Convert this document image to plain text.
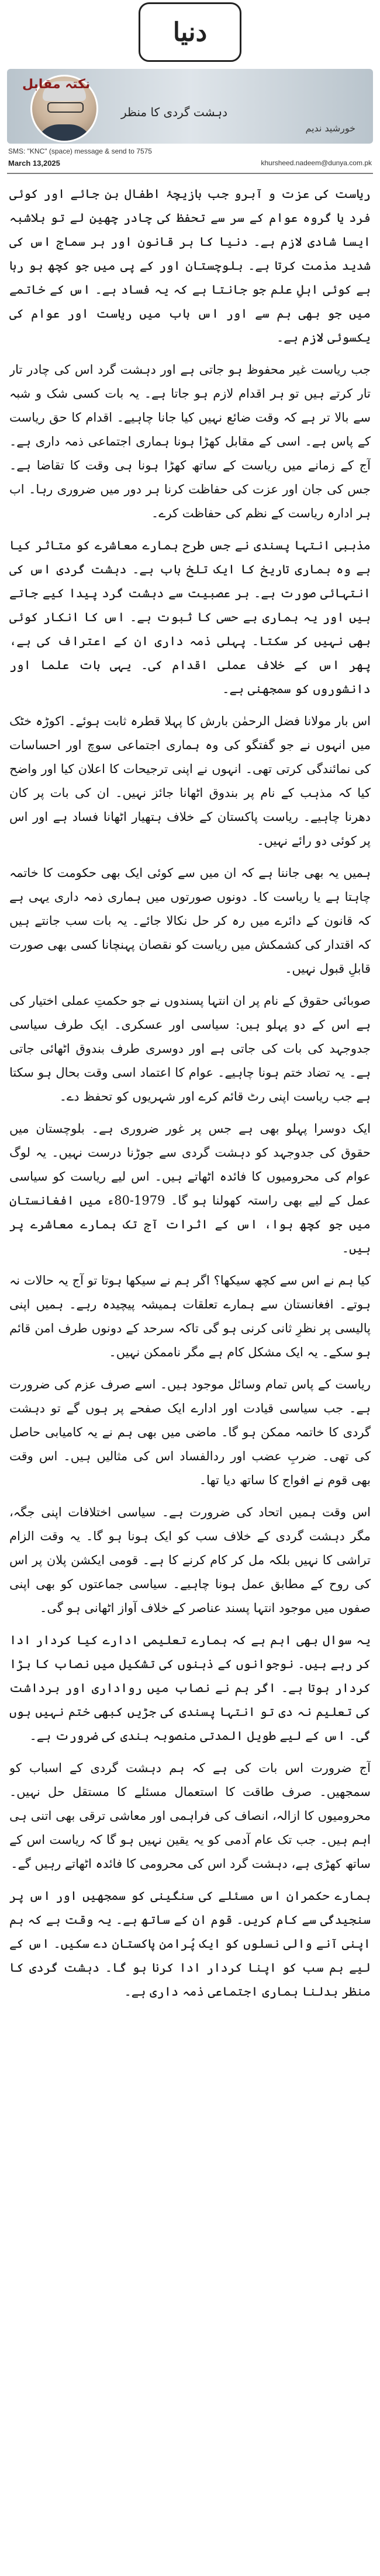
دنیا
نکتہ مقابل
دہشت گردی کا منظر
خورشید ندیم
SMS: "KNC" (space) message & send to 7575
March 13,2025	khursheed.nadeem@dunya.com.pk

ریاست کی عزت و آبرو جب بازیچۂ اطفال بن جائے اور کوئی فرد یا گروہ عوام کے سر سے تحفظ کی چادر چھین لے تو بلاشبہ ایسا شادی لازم ہے۔ دنیا کا ہر قانون اور ہر سماج اس کی شدید مذمت کرتا ہے۔ بلوچستان اور کے پی میں جو کچھ ہو رہا ہے کوئی اہلِ علم جو جانتا ہے کہ یہ فساد ہے۔ اس کے خاتمے میں جو بھی ہم سے اور اس باب میں ریاست اور عوام کی یکسوئی لازم ہے۔

جب ریاست غیر محفوظ ہو جاتی ہے اور دہشت گرد اس کی چادر تار تار کرتے ہیں تو ہر اقدام لازم ہو جاتا ہے۔ یہ بات کسی شک و شبہ سے بالا تر ہے کہ وقت ضائع نہیں کیا جانا چاہیے۔ اقدام کا حق ریاست کے پاس ہے۔ اسی کے مقابل کھڑا ہونا ہماری اجتماعی ذمہ داری ہے۔ آج کے زمانے میں ریاست کے ساتھ کھڑا ہونا ہی وقت کا تقاضا ہے۔ جس کی جان اور عزت کی حفاظت کرنا ہر دور میں ضروری رہا۔ اب ہر ادارہ ریاست کے نظم کی حفاظت کرے۔

مذہبی انتہا پسندی نے جس طرح ہمارے معاشرے کو متاثر کیا ہے وہ ہماری تاریخ کا ایک تلخ باب ہے۔ دہشت گردی اس کی انتہائی صورت ہے۔ ہر عصبیت سے دہشت گرد پیدا کیے جاتے ہیں اور یہ ہماری بے حسی کا ثبوت ہے۔ اس کا انکار کوئی بھی نہیں کر سکتا۔ پہلی ذمہ داری ان کے اعتراف کی ہے، پھر اس کے خلاف عملی اقدام کی۔ یہی بات علما اور دانشوروں کو سمجھنی ہے۔

اس بار مولانا فضل الرحمٰن بارش کا پہلا قطرہ ثابت ہوئے۔ اکوڑہ خٹک میں انہوں نے جو گفتگو کی وہ ہماری اجتماعی سوچ اور احساسات کی نمائندگی کرتی تھی۔ انہوں نے اپنی ترجیحات کا اعلان کیا اور واضح کیا کہ مذہب کے نام پر بندوق اٹھانا جائز نہیں۔ ان کی بات پر کان دھرنا چاہیے۔ ریاست پاکستان کے خلاف ہتھیار اٹھانا فساد ہے اور اس پر کوئی دو رائے نہیں۔

ہمیں یہ بھی جاننا ہے کہ ان میں سے کوئی ایک بھی حکومت کا خاتمہ چاہتا ہے یا ریاست کا۔ دونوں صورتوں میں ہماری ذمہ داری یہی ہے کہ قانون کے دائرے میں رہ کر حل نکالا جائے۔ یہ بات سب جانتے ہیں کہ اقتدار کی کشمکش میں ریاست کو نقصان پہنچانا کسی بھی صورت قابلِ قبول نہیں۔

صوبائی حقوق کے نام پر ان انتہا پسندوں نے جو حکمتِ عملی اختیار کی ہے اس کے دو پہلو ہیں: سیاسی اور عسکری۔ ایک طرف سیاسی جدوجہد کی بات کی جاتی ہے اور دوسری طرف بندوق اٹھائی جاتی ہے۔ یہ تضاد ختم ہونا چاہیے۔ عوام کا اعتماد اسی وقت بحال ہو سکتا ہے جب ریاست اپنی رٹ قائم کرے اور شہریوں کو تحفظ دے۔

ایک دوسرا پہلو بھی ہے جس پر غور ضروری ہے۔ بلوچستان میں حقوق کی جدوجہد کو دہشت گردی سے جوڑنا درست نہیں۔ یہ لوگ عوام کی محرومیوں کا فائدہ اٹھاتے ہیں۔ اس لیے ریاست کو سیاسی عمل کے لیے بھی راستہ کھولنا ہو گا۔ 1979-80ء میں افغانستان میں جو کچھ ہوا، اس کے اثرات آج تک ہمارے معاشرے پر ہیں۔

کیا ہم نے اس سے کچھ سیکھا؟ اگر ہم نے سیکھا ہوتا تو آج یہ حالات نہ ہوتے۔ افغانستان سے ہمارے تعلقات ہمیشہ پیچیدہ رہے۔ ہمیں اپنی پالیسی پر نظرِ ثانی کرنی ہو گی تاکہ سرحد کے دونوں طرف امن قائم ہو سکے۔ یہ ایک مشکل کام ہے مگر ناممکن نہیں۔

ریاست کے پاس تمام وسائل موجود ہیں۔ اسے صرف عزم کی ضرورت ہے۔ جب سیاسی قیادت اور ادارے ایک صفحے پر ہوں گے تو دہشت گردی کا خاتمہ ممکن ہو گا۔ ماضی میں بھی ہم نے یہ کامیابی حاصل کی تھی۔ ضربِ عضب اور ردالفساد اس کی مثالیں ہیں۔ اس وقت بھی قوم نے افواج کا ساتھ دیا تھا۔

اس وقت ہمیں اتحاد کی ضرورت ہے۔ سیاسی اختلافات اپنی جگہ، مگر دہشت گردی کے خلاف سب کو ایک ہونا ہو گا۔ یہ وقت الزام تراشی کا نہیں بلکہ مل کر کام کرنے کا ہے۔ قومی ایکشن پلان پر اس کی روح کے مطابق عمل ہونا چاہیے۔ سیاسی جماعتوں کو بھی اپنی صفوں میں موجود انتہا پسند عناصر کے خلاف آواز اٹھانی ہو گی۔

یہ سوال بھی اہم ہے کہ ہمارے تعلیمی ادارے کیا کردار ادا کر رہے ہیں۔ نوجوانوں کے ذہنوں کی تشکیل میں نصاب کا بڑا کردار ہوتا ہے۔ اگر ہم نے نصاب میں رواداری اور برداشت کی تعلیم نہ دی تو انتہا پسندی کی جڑیں کبھی ختم نہیں ہوں گی۔ اس کے لیے طویل المدتی منصوبہ بندی کی ضرورت ہے۔

آج ضرورت اس بات کی ہے کہ ہم دہشت گردی کے اسباب کو سمجھیں۔ صرف طاقت کا استعمال مسئلے کا مستقل حل نہیں۔ محرومیوں کا ازالہ، انصاف کی فراہمی اور معاشی ترقی بھی اتنی ہی اہم ہیں۔ جب تک عام آدمی کو یہ یقین نہیں ہو گا کہ ریاست اس کے ساتھ کھڑی ہے، دہشت گرد اس کی محرومی کا فائدہ اٹھاتے رہیں گے۔

ہمارے حکمران اس مسئلے کی سنگینی کو سمجھیں اور اس پر سنجیدگی سے کام کریں۔ قوم ان کے ساتھ ہے۔ یہ وقت ہے کہ ہم اپنی آنے والی نسلوں کو ایک پُرامن پاکستان دے سکیں۔ اس کے لیے ہم سب کو اپنا کردار ادا کرنا ہو گا۔ دہشت گردی کا منظر بدلنا ہماری اجتماعی ذمہ داری ہے۔
